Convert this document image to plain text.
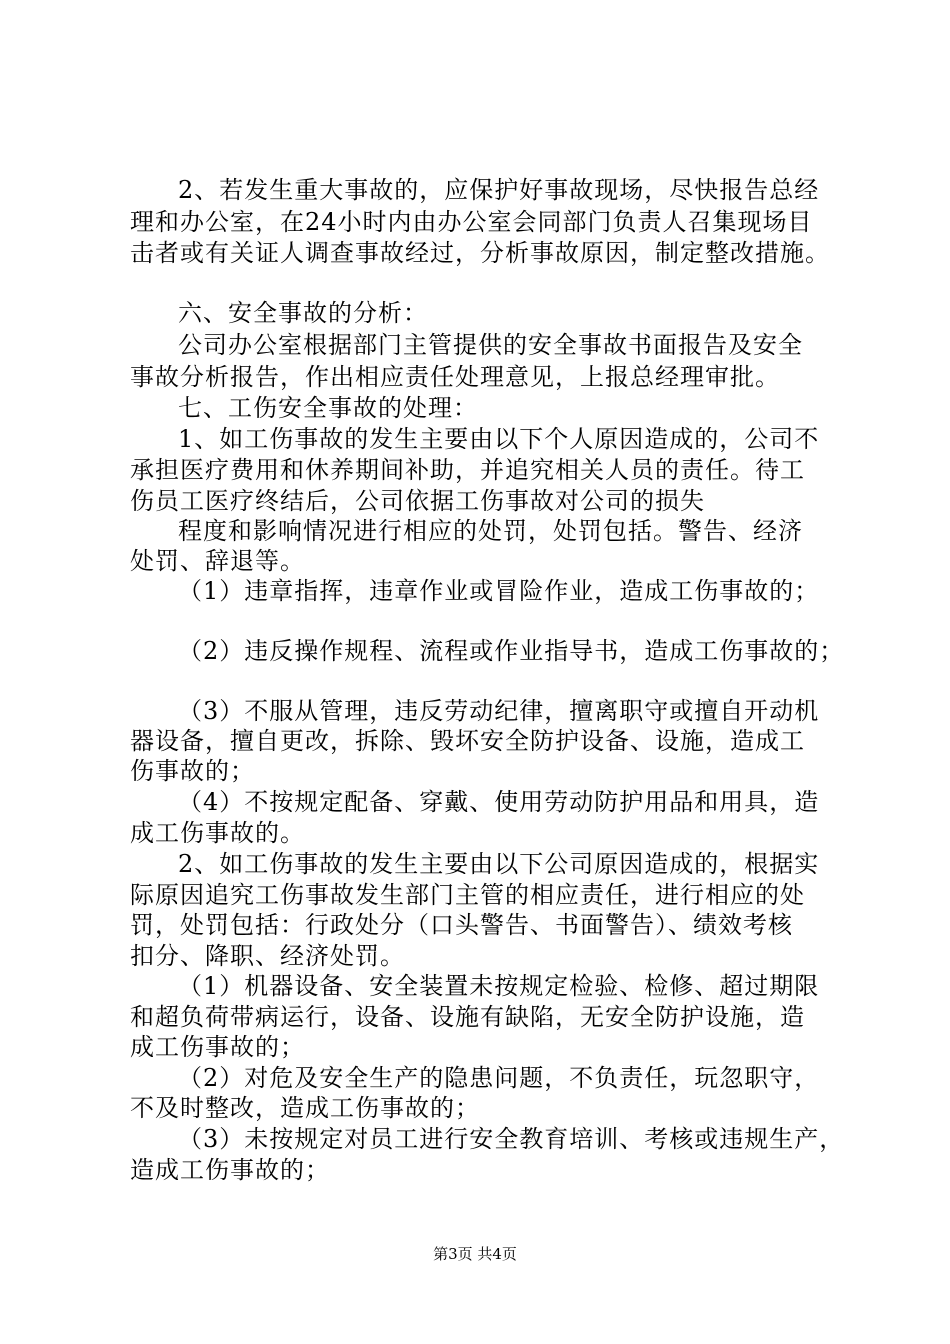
2、若发生重大事故的，应保护好事故现场，尽快报告总经
理和办公室，在24小时内由办公室会同部门负责人召集现场目
击者或有关证人调查事故经过，分析事故原因，制定整改措施。
六、安全事故的分析：
公司办公室根据部门主管提供的安全事故书面报告及安全
事故分析报告，作出相应责任处理意见，上报总经理审批。
七、工伤安全事故的处理：
1、如工伤事故的发生主要由以下个人原因造成的，公司不
承担医疗费用和休养期间补助，并追究相关人员的责任。待工
伤员工医疗终结后，公司依据工伤事故对公司的损失
程度和影响情况进行相应的处罚，处罚包括。警告、经济
处罚、辞退等。
（1）违章指挥，违章作业或冒险作业，造成工伤事故的；
（2）违反操作规程、流程或作业指导书，造成工伤事故的；
（3）不服从管理，违反劳动纪律，擅离职守或擅自开动机
器设备，擅自更改，拆除、毁坏安全防护设备、设施，造成工
伤事故的；
（4）不按规定配备、穿戴、使用劳动防护用品和用具，造
成工伤事故的。
2、如工伤事故的发生主要由以下公司原因造成的，根据实
际原因追究工伤事故发生部门主管的相应责任，进行相应的处
罚，处罚包括：行政处分（口头警告、书面警告）、绩效考核
扣分、降职、经济处罚。
（1）机器设备、安全装置未按规定检验、检修、超过期限
和超负荷带病运行，设备、设施有缺陷，无安全防护设施，造
成工伤事故的；
（2）对危及安全生产的隐患问题，不负责任，玩忽职守，
不及时整改，造成工伤事故的；
（3）未按规定对员工进行安全教育培训、考核或违规生产，
造成工伤事故的；
第3页 共4页
